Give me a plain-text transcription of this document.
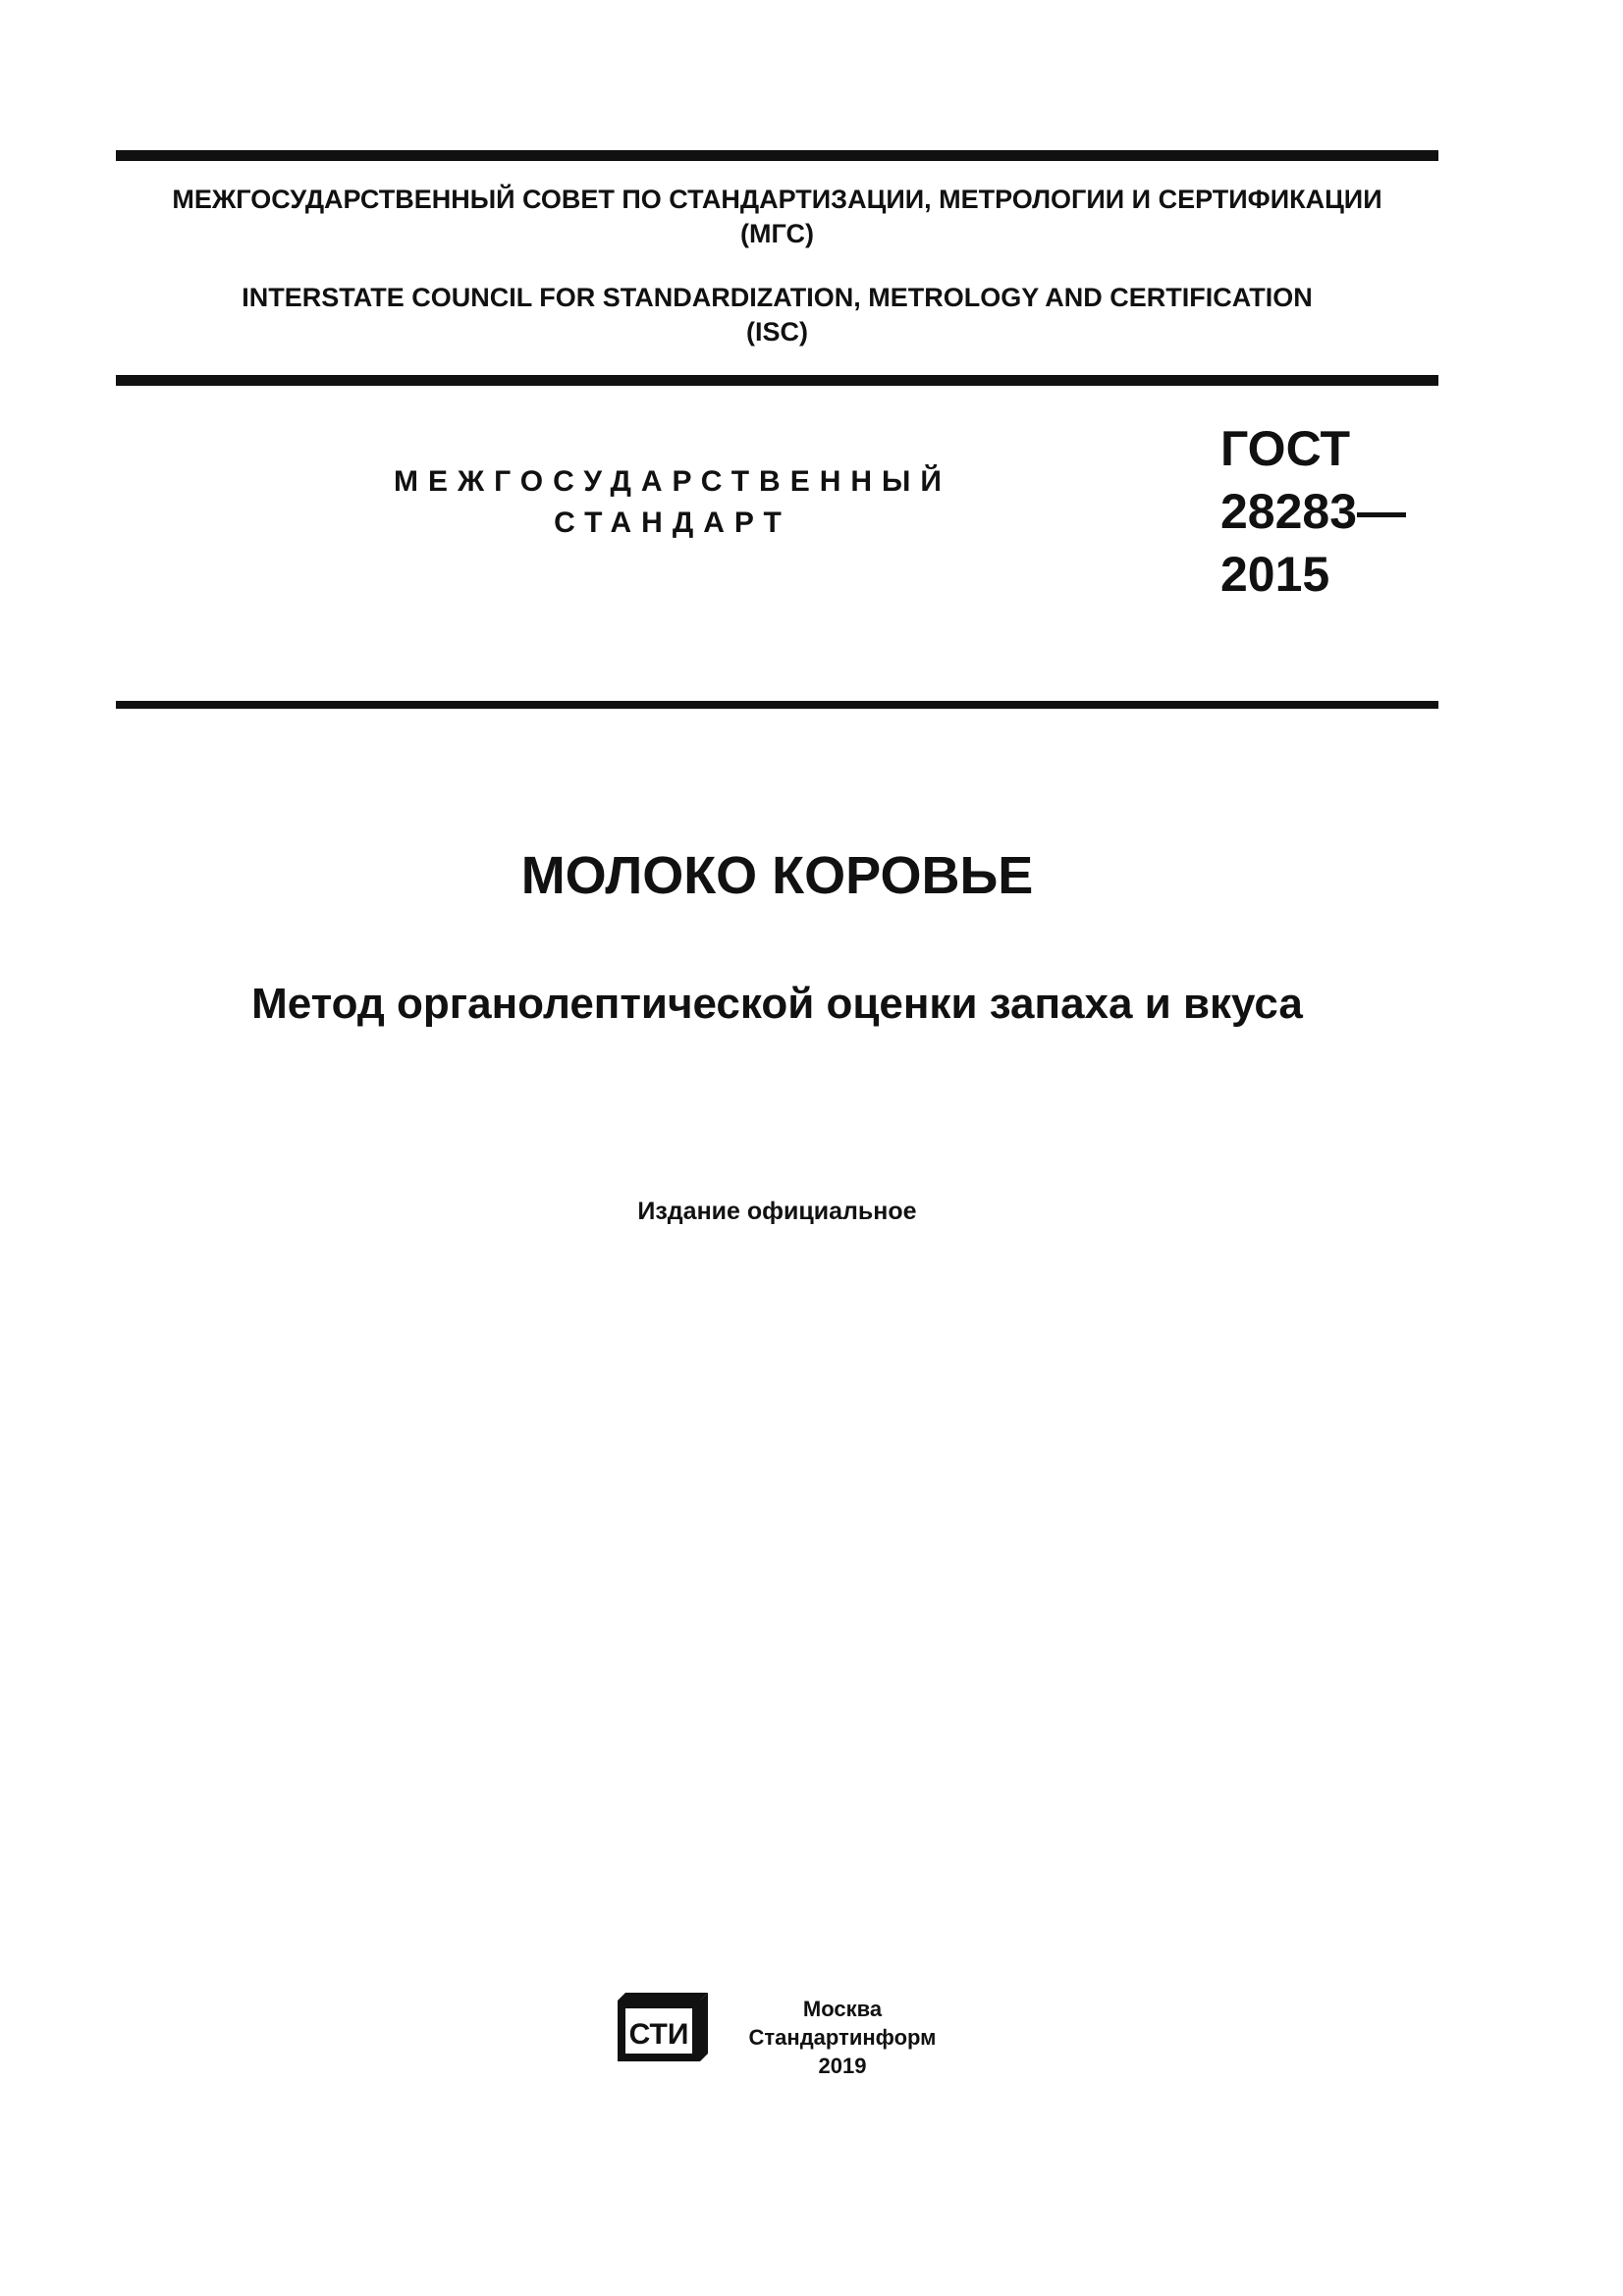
МЕЖГОСУДАРСТВЕННЫЙ СОВЕТ ПО СТАНДАРТИЗАЦИИ, МЕТРОЛОГИИ И СЕРТИФИКАЦИИ
(МГС)

INTERSTATE COUNCIL FOR STANDARDIZATION, METROLOGY AND CERTIFICATION
(ISC)

МЕЖГОСУДАРСТВЕННЫЙ
СТАНДАРТ
ГОСТ
28283—
2015
МОЛОКО КОРОВЬЕ
Метод органолептической оценки запаха и вкуса
Издание официальное
СТИ
Москва
Стандартинформ
2019
